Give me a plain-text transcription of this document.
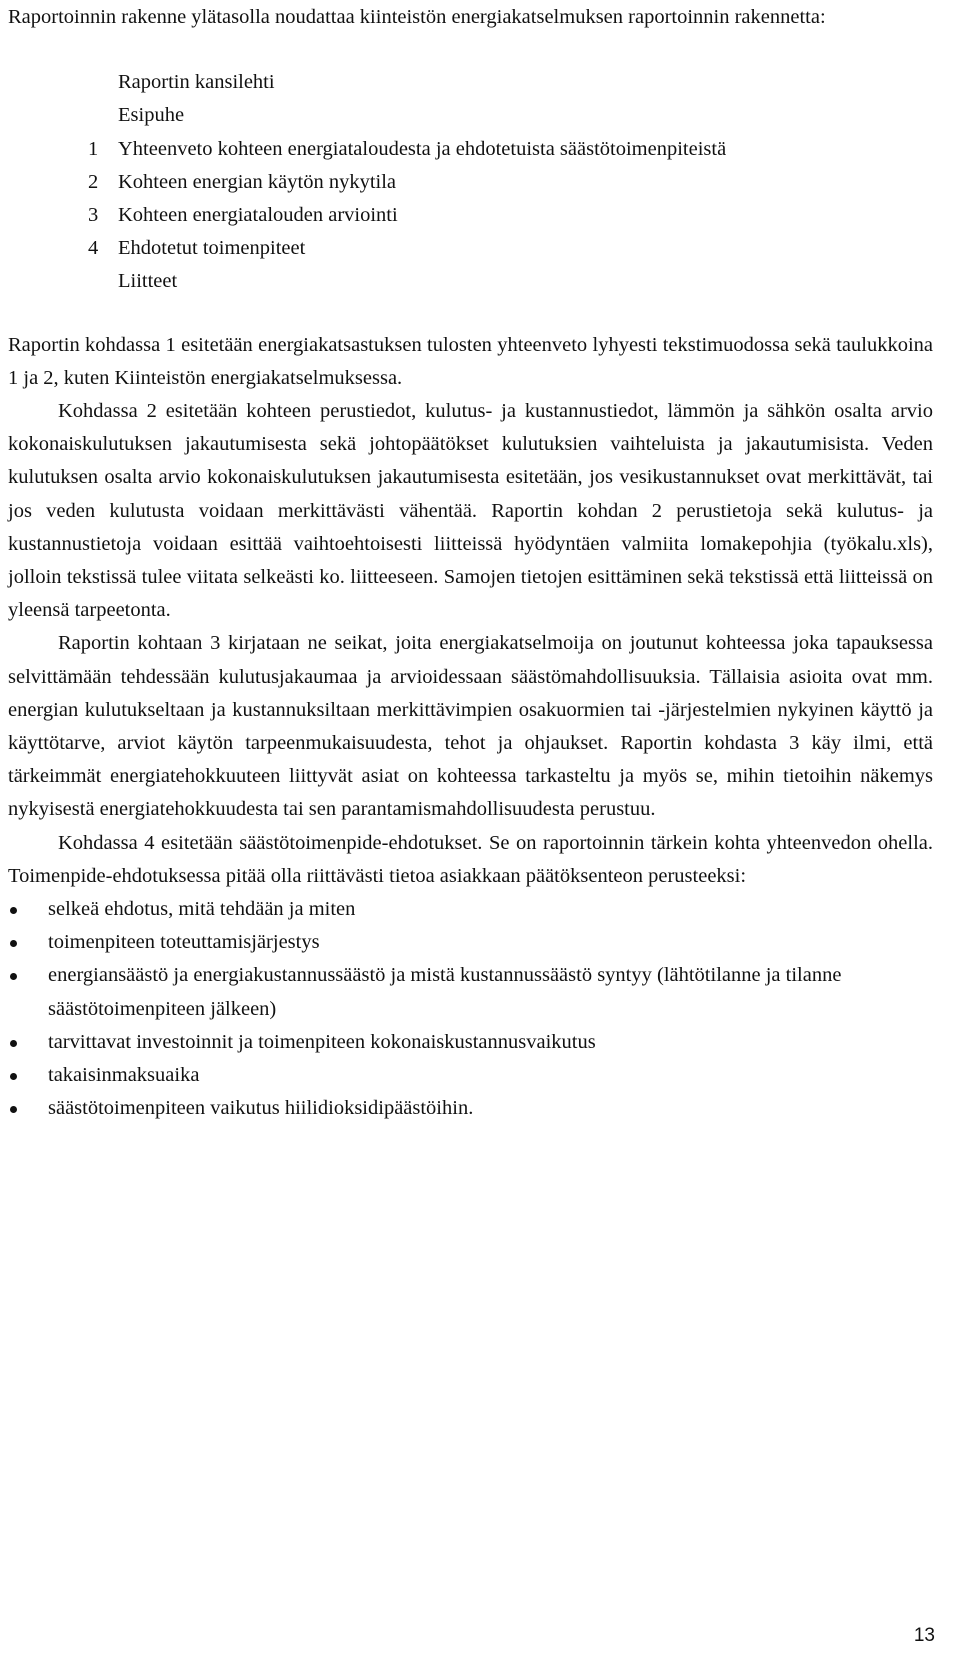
Raportoinnin rakenne ylätasolla noudattaa kiinteistön energiakatselmuksen raportoinnin rakennetta:

Raportin kansilehti
Esipuhe
1 Yhteenveto kohteen energiataloudesta ja ehdotetuista säästötoimenpiteistä
2 Kohteen energian käytön nykytila
3 Kohteen energiatalouden arviointi
4 Ehdotetut toimenpiteet
Liitteet

Raportin kohdassa 1 esitetään energiakatsastuksen tulosten yhteenveto lyhyesti tekstimuodossa sekä taulukkoina 1 ja 2, kuten Kiinteistön energiakatselmuksessa.

Kohdassa 2 esitetään kohteen perustiedot, kulutus- ja kustannustiedot, lämmön ja sähkön osalta arvio kokonaiskulutuksen jakautumisesta sekä johtopäätökset kulutuksien vaihteluista ja jakautumisista. Veden kulutuksen osalta arvio kokonaiskulutuksen jakautumisesta esitetään, jos vesikustannukset ovat merkittävät, tai jos veden kulutusta voidaan merkittävästi vähentää. Raportin kohdan 2 perustietoja sekä kulutus- ja kustannustietoja voidaan esittää vaihtoehtoisesti liitteissä hyödyntäen valmiita lomakepohjia (työkalu.xls), jolloin tekstissä tulee viitata selkeästi ko. liitteeseen. Samojen tietojen esittäminen sekä tekstissä että liitteissä on yleensä tarpeetonta.

Raportin kohtaan 3 kirjataan ne seikat, joita energiakatselmoija on joutunut kohteessa joka tapauksessa selvittämään tehdessään kulutusjakaumaa ja arvioidessaan säästömahdollisuuksia. Tällaisia asioita ovat mm. energian kulutukseltaan ja kustannuksiltaan merkittävimpien osakuormien tai -järjestelmien nykyinen käyttö ja käyttötarve, arviot käytön tarpeenmukaisuudesta, tehot ja ohjaukset. Raportin kohdasta 3 käy ilmi, että tärkeimmät energiatehokkuuteen liittyvät asiat on kohteessa tarkasteltu ja myös se, mihin tietoihin näkemys nykyisestä energiatehokkuudesta tai sen parantamismahdollisuudesta perustuu.

Kohdassa 4 esitetään säästötoimenpide-ehdotukset. Se on raportoinnin tärkein kohta yhteenvedon ohella. Toimenpide-ehdotuksessa pitää olla riittävästi tietoa asiakkaan päätöksenteon perusteeksi:

selkeä ehdotus, mitä tehdään ja miten
toimenpiteen toteuttamisjärjestys
energiansäästö ja energiakustannussäästö ja mistä kustannussäästö syntyy (lähtötilanne ja tilanne säästötoimenpiteen jälkeen)
tarvittavat investoinnit ja toimenpiteen kokonaiskustannusvaikutus
takaisinmaksuaika
säästötoimenpiteen vaikutus hiilidioksidipäästöihin.
13
